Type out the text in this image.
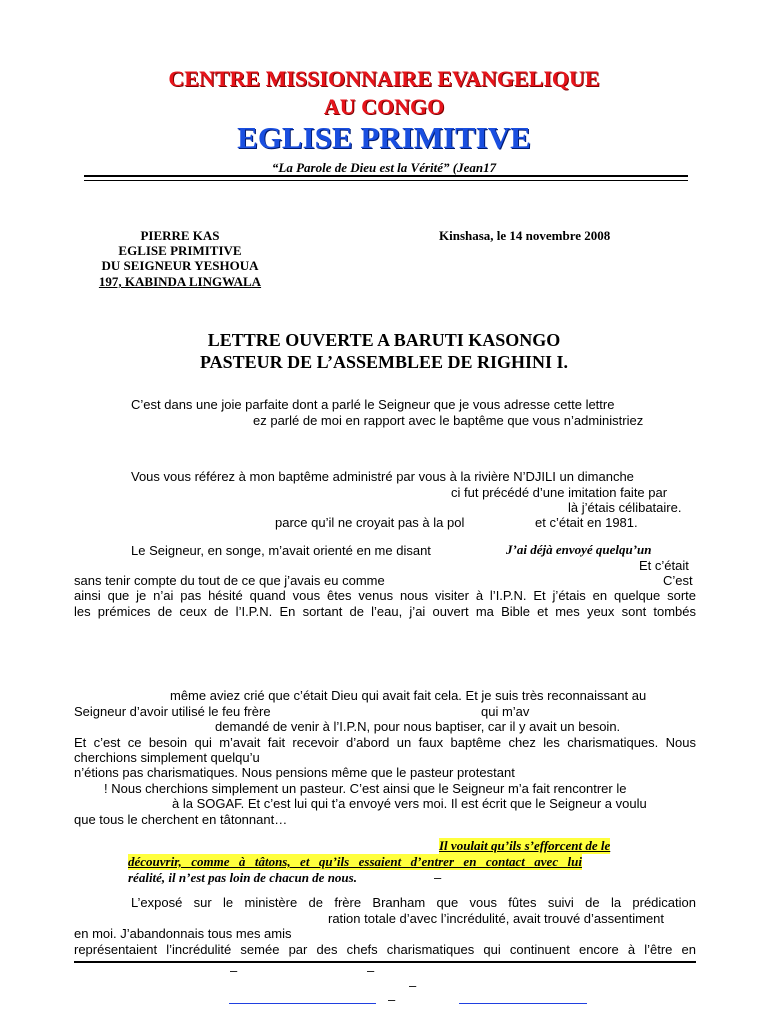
CENTRE MISSIONNAIRE EVANGELIQUE
AU CONGO
EGLISE PRIMITIVE
“La Parole de Dieu est la Vérité” (Jean17
PIERRE KAS
EGLISE PRIMITIVE
DU SEIGNEUR YESHOUA
197, KABINDA LINGWALA
Kinshasa, le 14 novembre 2008
LETTRE OUVERTE A BARUTI KASONGO
PASTEUR DE L’ASSEMBLEE DE RIGHINI I.
C’est dans une joie parfaite dont a parlé le Seigneur que je vous adresse cette lettre
ez parlé de moi en rapport avec le baptême que vous n’administriez
Vous vous référez à mon baptême administré par vous à la rivière N’DJILI un dimanche
ci fut précédé d’une imitation faite par
là j’étais célibataire.
parce qu’il ne croyait pas à la pol	et c’était en 1981.
Le Seigneur, en songe, m’avait orienté en me disant	J’ai déjà envoyé quelqu’un
Et c’était
sans tenir compte du tout de ce que j’avais eu comme	C’est
ainsi que je n’ai pas hésité quand vous êtes venus nous visiter à l’I.P.N. Et j’étais en quelque sorte
les prémices de ceux de l’I.P.N. En sortant de l’eau, j’ai ouvert ma Bible et mes yeux sont tombés
même aviez crié que c’était Dieu qui avait fait cela. Et je suis très reconnaissant au
Seigneur d’avoir utilisé le feu frère	qui m’av
demandé de venir à l’I.P.N, pour nous baptiser, car il y avait un besoin.
Et c’est ce besoin qui m’avait fait recevoir d’abord un faux baptême chez les charismatiques. Nous
cherchions simplement quelqu’u
n’étions pas charismatiques. Nous pensions même que le pasteur protestant
! Nous cherchions simplement un pasteur. C’est ainsi que le Seigneur m’a fait rencontrer le
à la SOGAF. Et c’est lui qui t’a envoyé vers moi. Il est écrit que le Seigneur a voulu
que tous le cherchent en tâtonnant…
Il voulait qu’ils s’efforcent de le
découvrir, comme à tâtons, et qu’ils essaient d’entrer en contact avec lui
réalité, il n’est pas loin de chacun de nous.	–
L’exposé sur le ministère de frère Branham que vous fûtes suivi de la prédication
ration totale d’avec l’incrédulité, avait trouvé d’assentiment
en moi. J’abandonnais tous mes amis
représentaient l’incrédulité semée par des chefs charismatiques qui continuent encore à l’être en
–	–
–
–
